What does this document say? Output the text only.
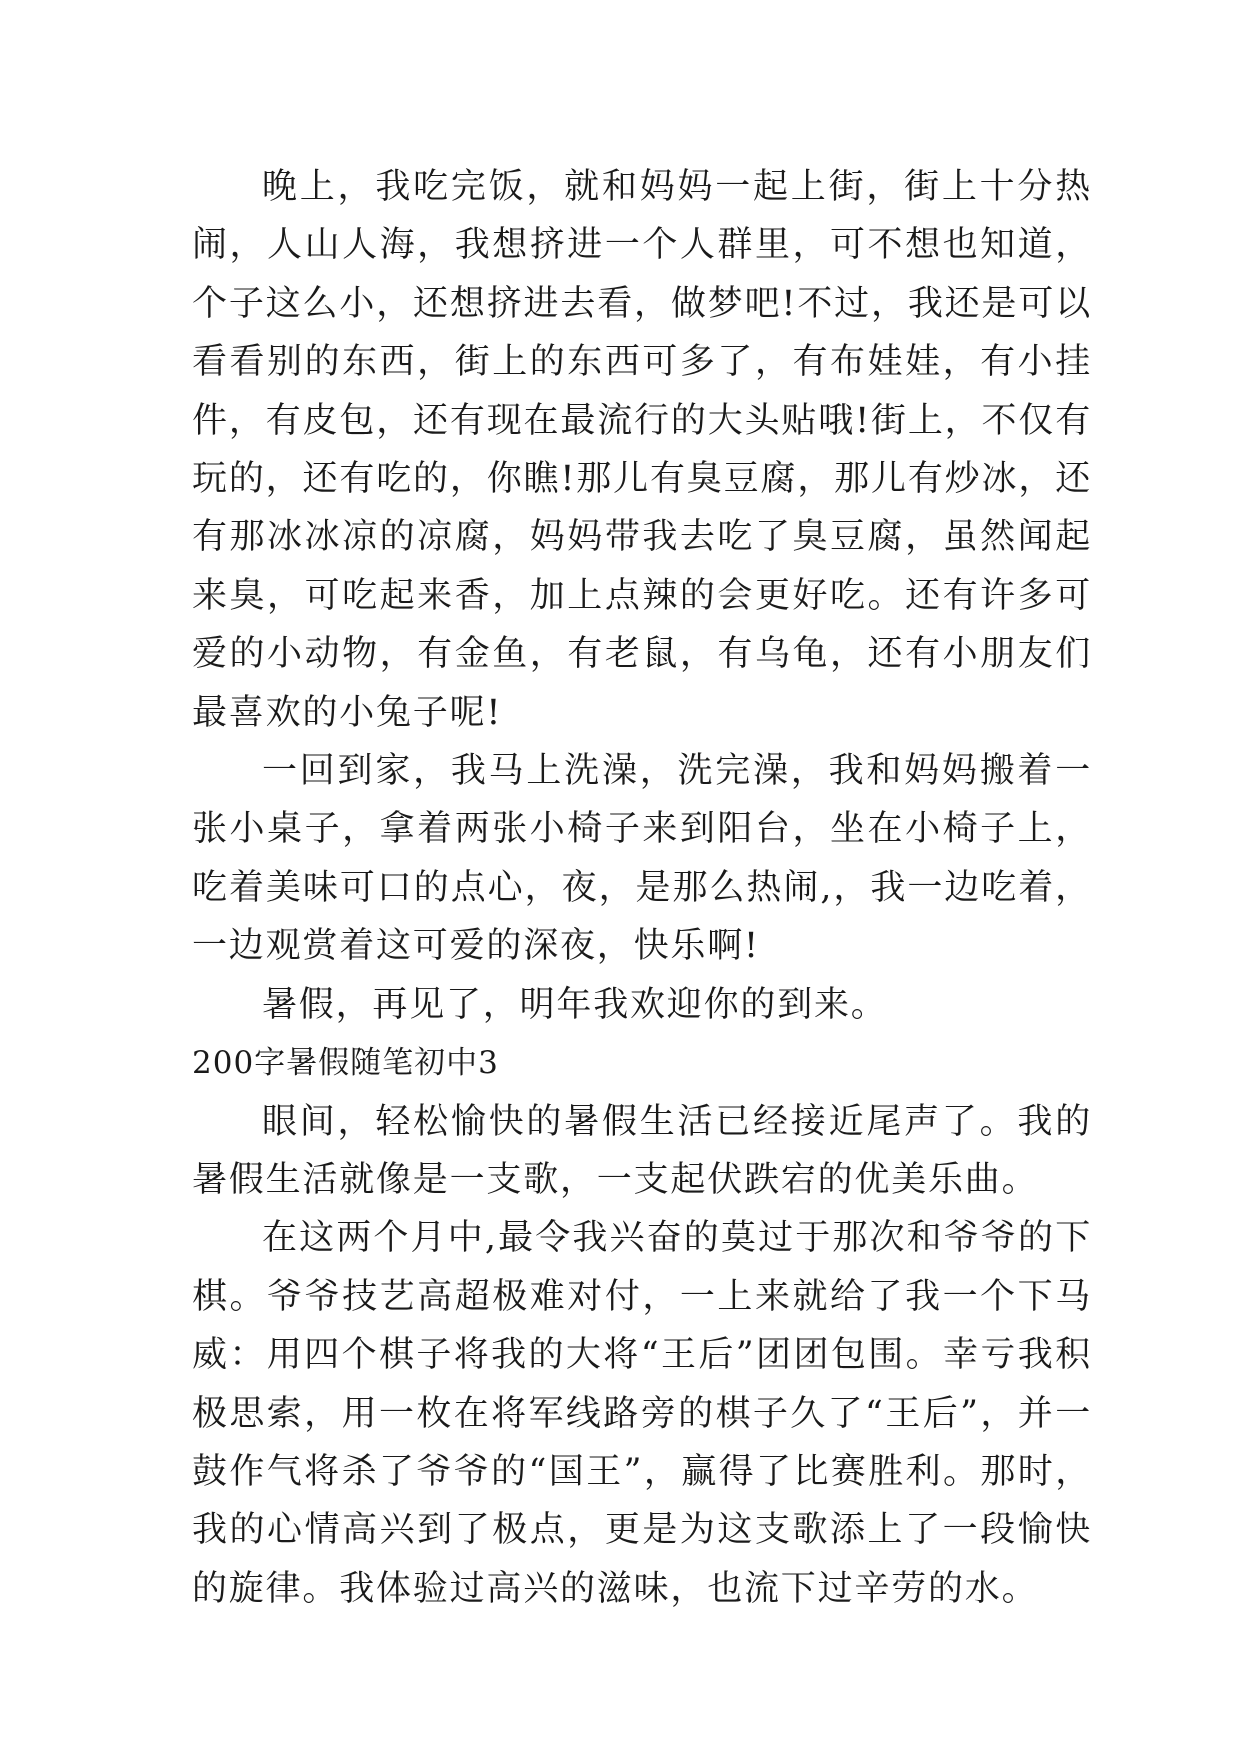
晚上，我吃完饭，就和妈妈一起上街，街上十分热闹，人山人海，我想挤进一个人群里，可不想也知道，个子这么小，还想挤进去看，做梦吧!不过，我还是可以看看别的东西，街上的东西可多了，有布娃娃，有小挂件，有皮包，还有现在最流行的大头贴哦!街上，不仅有玩的，还有吃的，你瞧!那儿有臭豆腐，那儿有炒冰，还有那冰冰凉的凉腐，妈妈带我去吃了臭豆腐，虽然闻起来臭，可吃起来香，加上点辣的会更好吃。还有许多可爱的小动物，有金鱼，有老鼠，有乌龟，还有小朋友们最喜欢的小兔子呢!

一回到家，我马上洗澡，洗完澡，我和妈妈搬着一张小桌子，拿着两张小椅子来到阳台，坐在小椅子上，吃着美味可口的点心，夜，是那么热闹,，我一边吃着，一边观赏着这可爱的深夜，快乐啊!

暑假，再见了，明年我欢迎你的到来。

200字暑假随笔初中3

眼间，轻松愉快的暑假生活已经接近尾声了。我的暑假生活就像是一支歌，一支起伏跌宕的优美乐曲。

在这两个月中,最令我兴奋的莫过于那次和爷爷的下棋。爷爷技艺高超极难对付，一上来就给了我一个下马威：用四个棋子将我的大将“王后”团团包围。幸亏我积极思索，用一枚在将军线路旁的棋子久了“王后”，并一鼓作气将杀了爷爷的“国王”，赢得了比赛胜利。那时，我的心情高兴到了极点，更是为这支歌添上了一段愉快的旋律。我体验过高兴的滋味，也流下过辛劳的水。
